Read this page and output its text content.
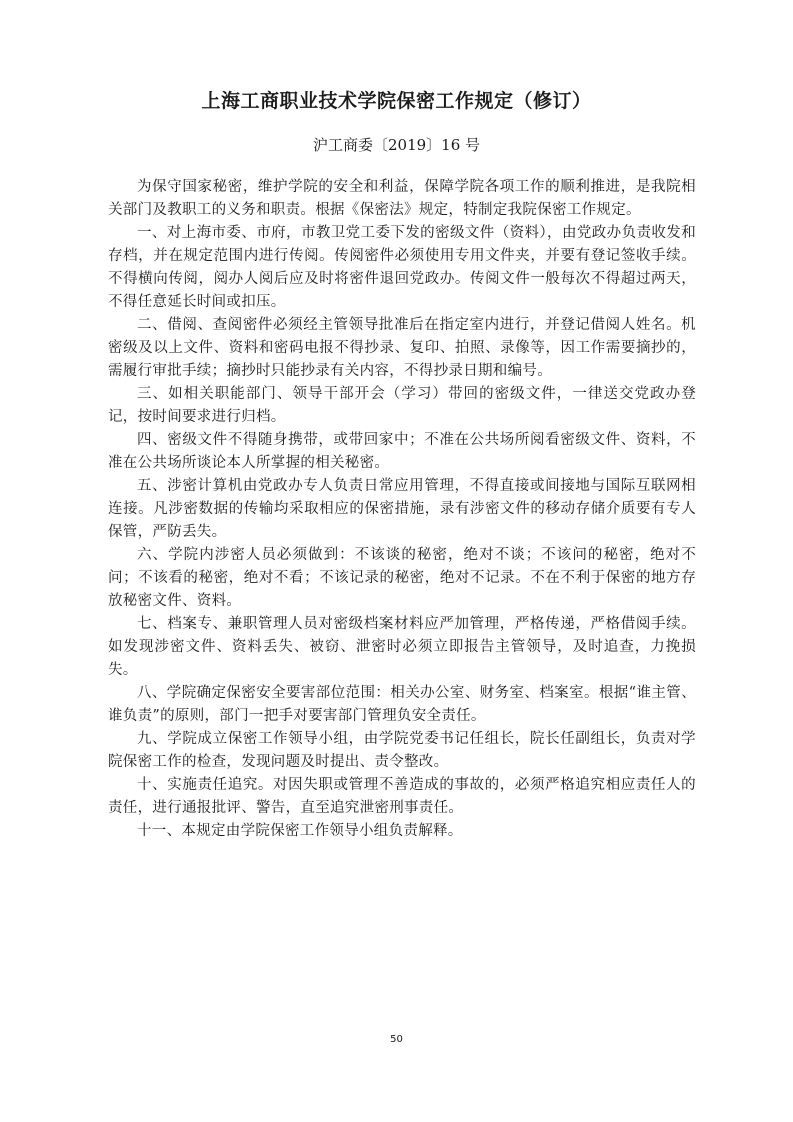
上海工商职业技术学院保密工作规定（修订）
沪工商委〔2019〕16 号

为保守国家秘密，维护学院的安全和利益，保障学院各项工作的顺利推进，是我院相关部门及教职工的义务和职责。根据《保密法》规定，特制定我院保密工作规定。

一、对上海市委、市府，市教卫党工委下发的密级文件（资料），由党政办负责收发和存档，并在规定范围内进行传阅。传阅密件必须使用专用文件夹，并要有登记签收手续。不得横向传阅，阅办人阅后应及时将密件退回党政办。传阅文件一般每次不得超过两天，不得任意延长时间或扣压。

二、借阅、查阅密件必须经主管领导批准后在指定室内进行，并登记借阅人姓名。机密级及以上文件、资料和密码电报不得抄录、复印、拍照、录像等，因工作需要摘抄的，需履行审批手续；摘抄时只能抄录有关内容，不得抄录日期和编号。

三、如相关职能部门、领导干部开会（学习）带回的密级文件，一律送交党政办登记，按时间要求进行归档。

四、密级文件不得随身携带，或带回家中；不准在公共场所阅看密级文件、资料，不准在公共场所谈论本人所掌握的相关秘密。

五、涉密计算机由党政办专人负责日常应用管理，不得直接或间接地与国际互联网相连接。凡涉密数据的传输均采取相应的保密措施，录有涉密文件的移动存储介质要有专人保管，严防丢失。

六、学院内涉密人员必须做到：不该谈的秘密，绝对不谈；不该问的秘密，绝对不问；不该看的秘密，绝对不看；不该记录的秘密，绝对不记录。不在不利于保密的地方存放秘密文件、资料。

七、档案专、兼职管理人员对密级档案材料应严加管理，严格传递，严格借阅手续。如发现涉密文件、资料丢失、被窃、泄密时必须立即报告主管领导，及时追查，力挽损失。

八、学院确定保密安全要害部位范围：相关办公室、财务室、档案室。根据“谁主管、谁负责”的原则，部门一把手对要害部门管理负安全责任。

九、学院成立保密工作领导小组，由学院党委书记任组长，院长任副组长，负责对学院保密工作的检查，发现问题及时提出、责令整改。

十、实施责任追究。对因失职或管理不善造成的事故的，必须严格追究相应责任人的责任，进行通报批评、警告，直至追究泄密刑事责任。

十一、本规定由学院保密工作领导小组负责解释。

50
